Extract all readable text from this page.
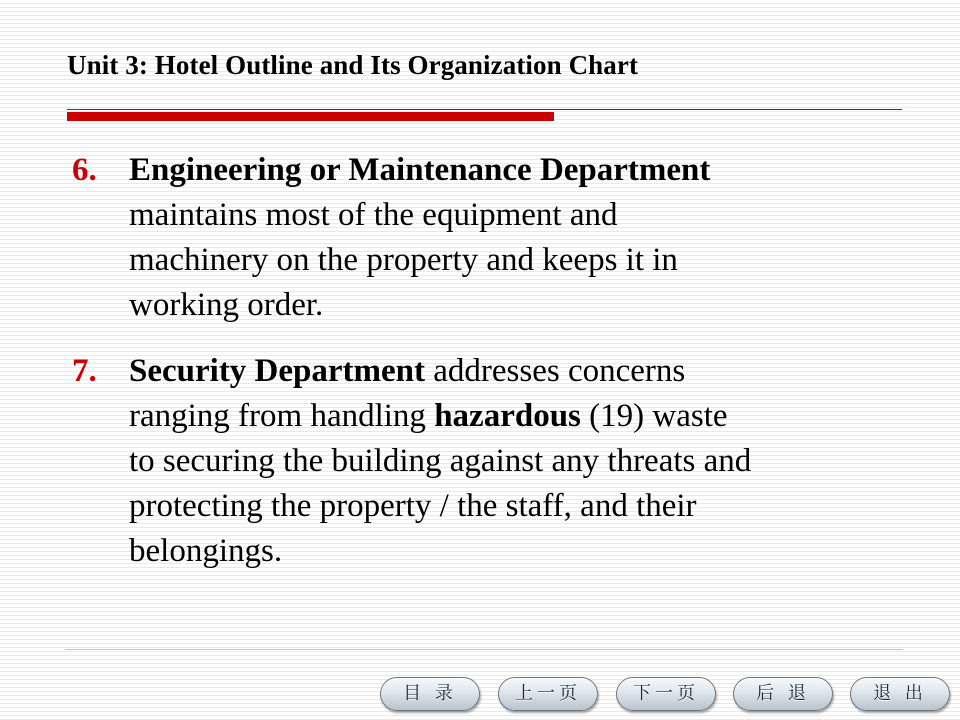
Unit 3: Hotel Outline and Its Organization Chart
6. Engineering or Maintenance Department
maintains most of the equipment and
machinery on the property and keeps it in
working order.
7. Security Department addresses concerns
ranging from handling hazardous (19) waste
to securing the building against any threats and
protecting the property / the staff, and their
belongings.
目 录	上一页	下一页	后 退	退 出
